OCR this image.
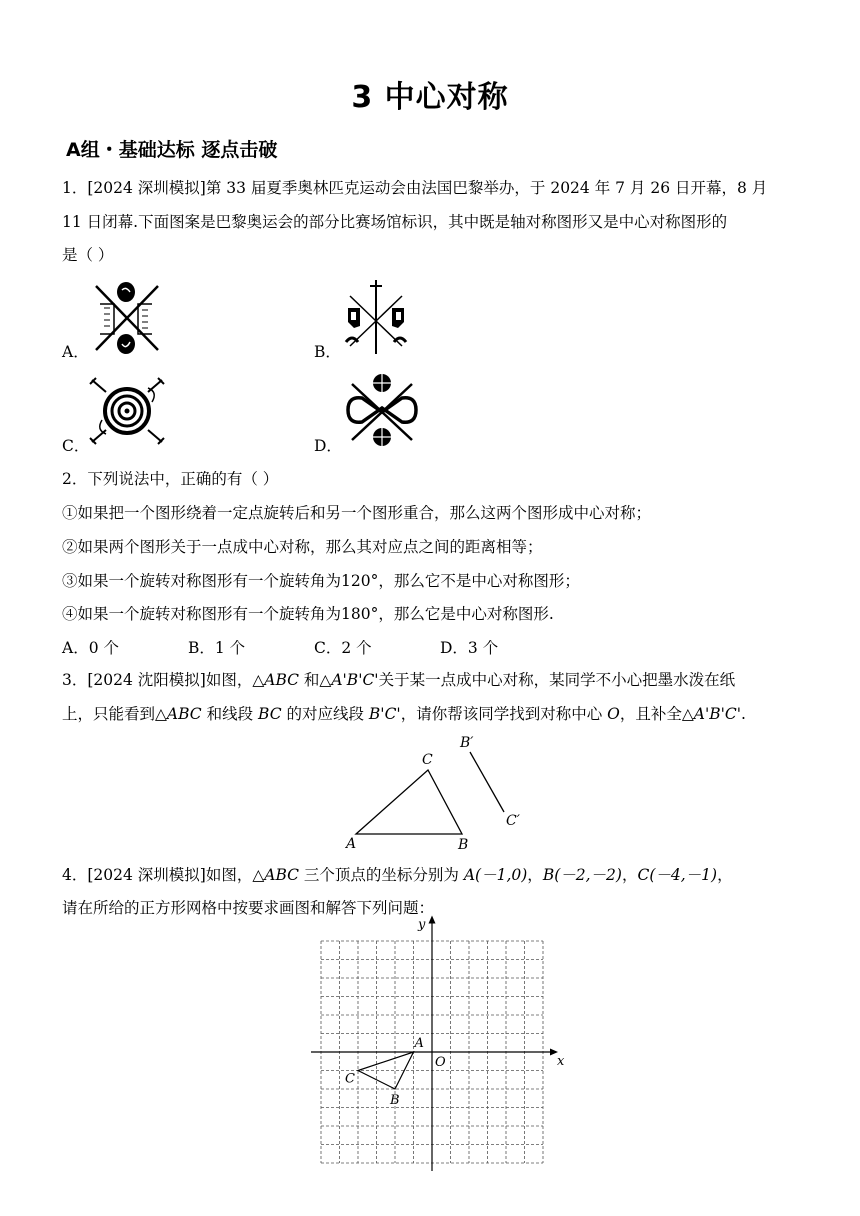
3 中心对称
A组・基础达标 逐点击破
1．[2024 深圳模拟]第 33 届夏季奥林匹克运动会由法国巴黎举办，于 2024 年 7 月 26 日开幕，8 月
11 日闭幕.下面图案是巴黎奥运会的部分比赛场馆标识，其中既是轴对称图形又是中心对称图形的
是（ ）
A．	B．
C．	D．
2．下列说法中，正确的有（ ）
①如果把一个图形绕着一定点旋转后和另一个图形重合，那么这两个图形成中心对称；
②如果两个图形关于一点成中心对称，那么其对应点之间的距离相等；
③如果一个旋转对称图形有一个旋转角为120°，那么它不是中心对称图形；
④如果一个旋转对称图形有一个旋转角为180°，那么它是中心对称图形.
A．0 个	B．1 个	C．2 个	D．3 个
3．[2024 沈阳模拟]如图，△ABC 和△A'B'C'关于某一点成中心对称，某同学不小心把墨水泼在纸
上，只能看到△ABC 和线段 BC 的对应线段 B'C'，请你帮该同学找到对称中心 O，且补全△A'B'C'.
A	B
C
B′
C′
4．[2024 深圳模拟]如图，△ABC 三个顶点的坐标分别为 A(－1,0)，B(－2,－2)，C(－4,－1)，
请在所给的正方形网格中按要求画图和解答下列问题：
x
y
O
A
B
C
